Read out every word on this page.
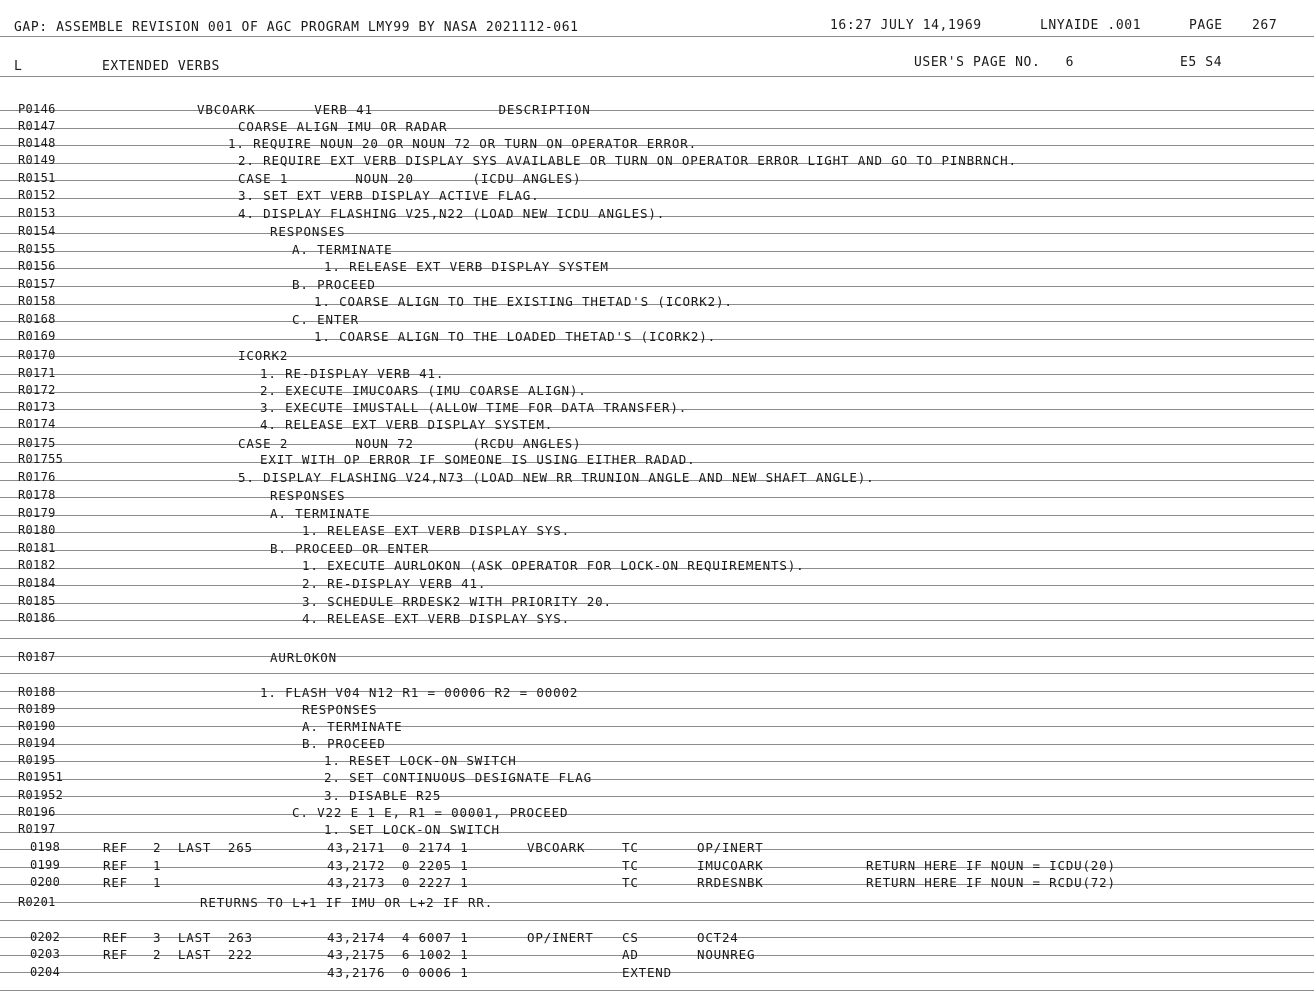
GAP: ASSEMBLE REVISION 001 OF AGC PROGRAM LMY99 BY NASA 2021112-061	16:27 JULY 14,1969	LNYAIDE .001	PAGE 267
L	EXTENDED VERBS	USER'S PAGE NO.   6	E5 S4
P0146	VBCOARK       VERB 41               DESCRIPTION
R0147	COARSE ALIGN IMU OR RADAR
R0148	1. REQUIRE NOUN 20 OR NOUN 72 OR TURN ON OPERATOR ERROR.
R0149	2. REQUIRE EXT VERB DISPLAY SYS AVAILABLE OR TURN ON OPERATOR ERROR LIGHT AND GO TO PINBRNCH.
R0151	CASE 1        NOUN 20       (ICDU ANGLES)
R0152	3. SET EXT VERB DISPLAY ACTIVE FLAG.
R0153	4. DISPLAY FLASHING V25,N22 (LOAD NEW ICDU ANGLES).
R0154	RESPONSES
R0155	A. TERMINATE
R0156	1. RELEASE EXT VERB DISPLAY SYSTEM
R0157	B. PROCEED
R0158	1. COARSE ALIGN TO THE EXISTING THETAD'S (ICORK2).
R0168	C. ENTER
R0169	1. COARSE ALIGN TO THE LOADED THETAD'S (ICORK2).
R0170	ICORK2
R0171	1. RE-DISPLAY VERB 41.
R0172	2. EXECUTE IMUCOARS (IMU COARSE ALIGN).
R0173	3. EXECUTE IMUSTALL (ALLOW TIME FOR DATA TRANSFER).
R0174	4. RELEASE EXT VERB DISPLAY SYSTEM.
R0175	CASE 2        NOUN 72       (RCDU ANGLES)
R01755	EXIT WITH OP ERROR IF SOMEONE IS USING EITHER RADAD.
R0176	5. DISPLAY FLASHING V24,N73 (LOAD NEW RR TRUNION ANGLE AND NEW SHAFT ANGLE).
R0178	RESPONSES
R0179	A. TERMINATE
R0180	1. RELEASE EXT VERB DISPLAY SYS.
R0181	B. PROCEED OR ENTER
R0182	1. EXECUTE AURLOKON (ASK OPERATOR FOR LOCK-ON REQUIREMENTS).
R0184	2. RE-DISPLAY VERB 41.
R0185	3. SCHEDULE RRDESK2 WITH PRIORITY 20.
R0186	4. RELEASE EXT VERB DISPLAY SYS.
R0187	AURLOKON
R0188	1. FLASH V04 N12 R1 = 00006 R2 = 00002
R0189	RESPONSES
R0190	A. TERMINATE
R0194	B. PROCEED
R0195	1. RESET LOCK-ON SWITCH
R01951	2. SET CONTINUOUS DESIGNATE FLAG
R01952	3. DISABLE R25
R0196	C. V22 E 1 E, R1 = 00001, PROCEED
R0197	1. SET LOCK-ON SWITCH
R0201	RETURNS TO L+1 IF IMU OR L+2 IF RR.
0198	REF   2  LAST  265	43,2171  0 2174 1	VBCOARK	TC	OP/INERT
0199	REF   1	43,2172  0 2205 1	TC	IMUCOARK	RETURN HERE IF NOUN = ICDU(20)
0200	REF   1	43,2173  0 2227 1	TC	RRDESNBK	RETURN HERE IF NOUN = RCDU(72)
0202	REF   3  LAST  263	43,2174  4 6007 1	OP/INERT CS	OCT24
0203	REF   2  LAST  222	43,2175  6 1002 1	AD	NOUNREG
0204	43,2176  0 0006 1	EXTEND
